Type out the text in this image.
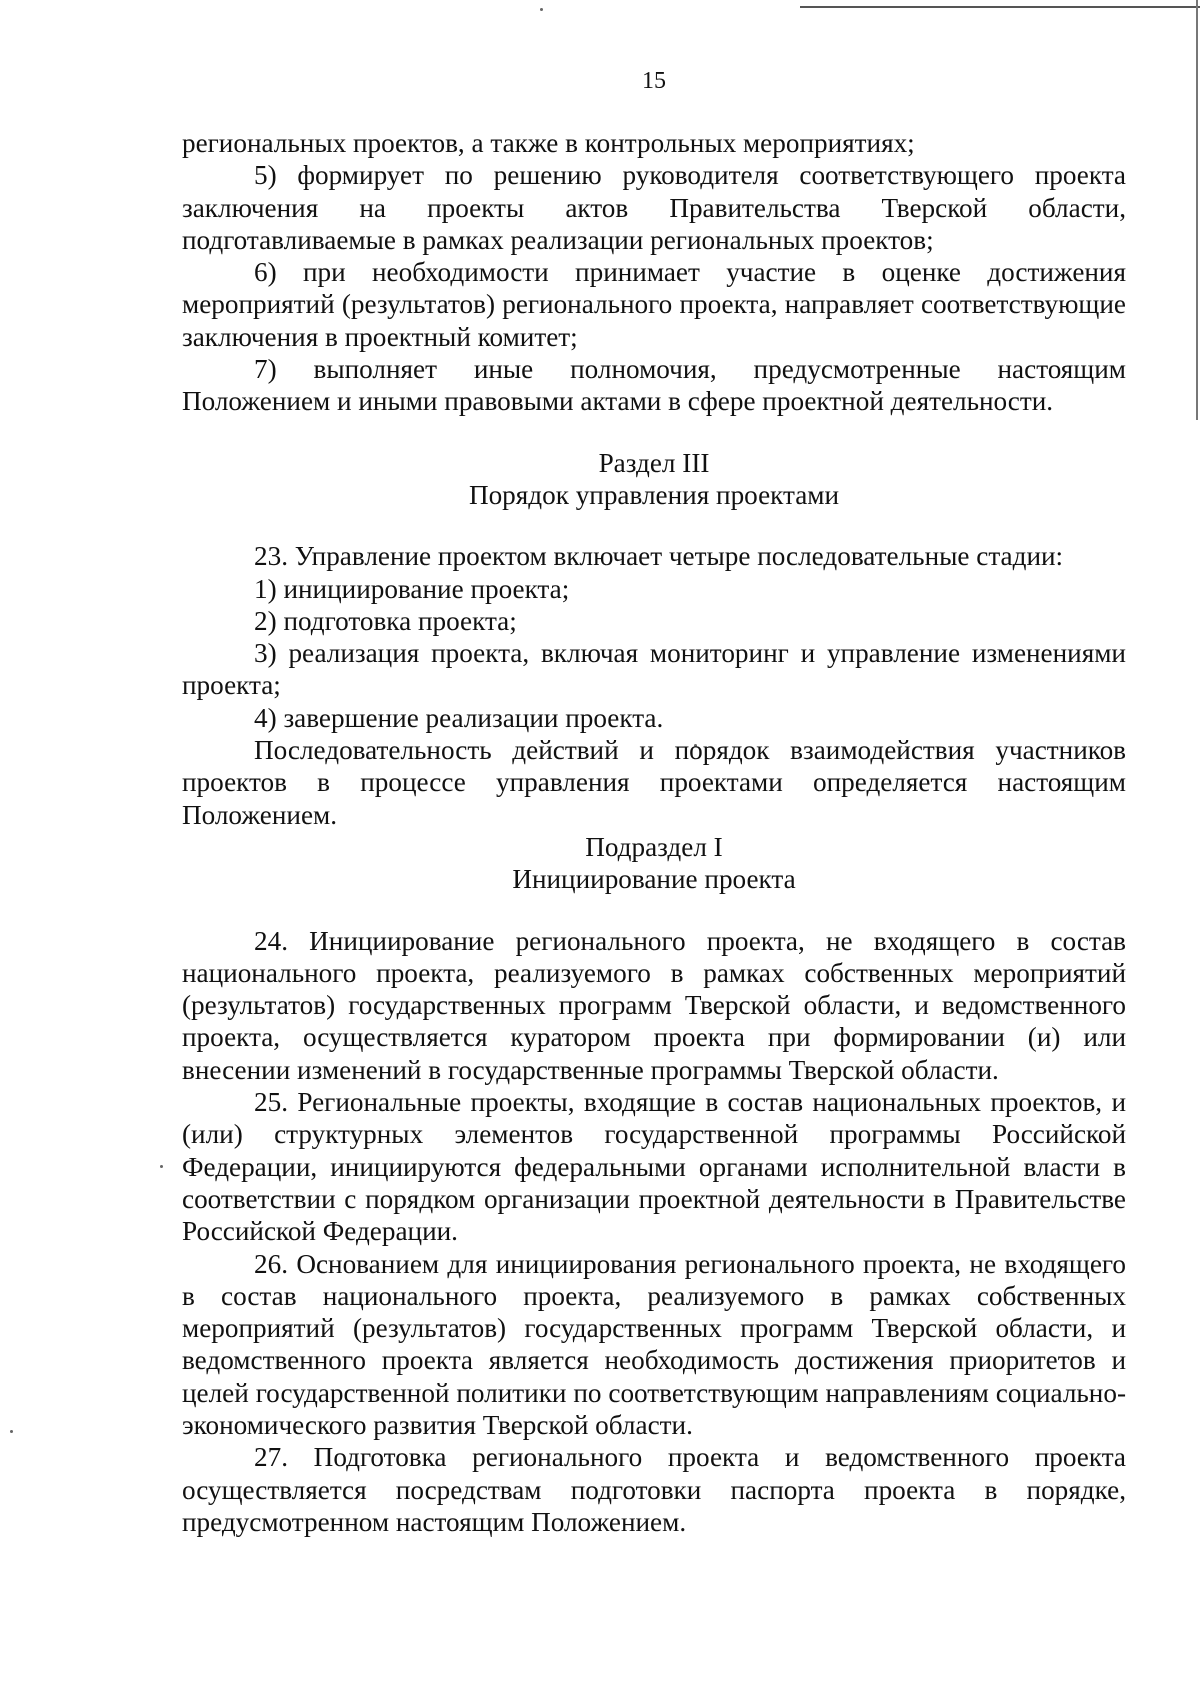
15

региональных проектов, а также в контрольных мероприятиях;

5) формирует по решению руководителя соответствующего проекта заключения на проекты актов Правительства Тверской области, подготавливаемые в рамках реализации региональных проектов;

6) при необходимости принимает участие в оценке достижения мероприятий (результатов) регионального проекта, направляет соответствующие заключения в проектный комитет;

7) выполняет иные полномочия, предусмотренные настоящим Положением и иными правовыми актами в сфере проектной деятельности.

Раздел III

Порядок управления проектами

23. Управление проектом включает четыре последовательные стадии:

1) инициирование проекта;

2) подготовка проекта;

3) реализация проекта, включая мониторинг и управление изменениями проекта;

4) завершение реализации проекта.

Последовательность действий и порядок взаимодействия участников проектов в процессе управления проектами определяется настоящим Положением.

Подраздел I

Инициирование проекта

24. Инициирование регионального проекта, не входящего в состав национального проекта, реализуемого в рамках собственных мероприятий (результатов) государственных программ Тверской области, и ведомственного проекта, осуществляется куратором проекта при формировании (и) или внесении изменений в государственные программы Тверской области.

25. Региональные проекты, входящие в состав национальных проектов, и (или) структурных элементов государственной программы Российской Федерации, инициируются федеральными органами исполнительной власти в соответствии с порядком организации проектной деятельности в Правительстве Российской Федерации.

26. Основанием для инициирования регионального проекта, не входящего в состав национального проекта, реализуемого в рамках собственных мероприятий (результатов) государственных программ Тверской области, и ведомственного проекта является необходимость достижения приоритетов и целей государственной политики по соответствующим направлениям социально-экономического развития Тверской области.

27. Подготовка регионального проекта и ведомственного проекта осуществляется посредствам подготовки паспорта проекта в порядке, предусмотренном настоящим Положением.
